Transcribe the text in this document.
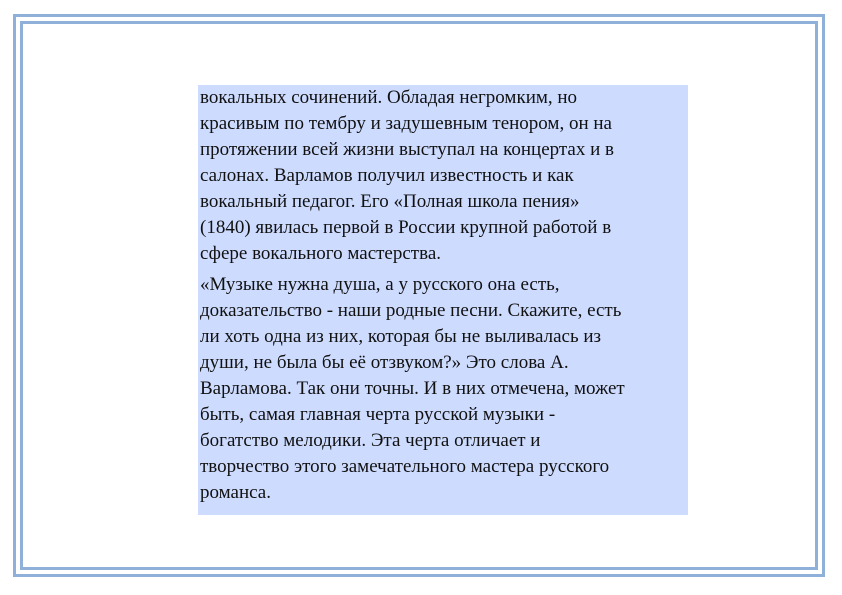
вокальных сочинений. Обладая негромким, но
красивым по тембру и задушевным тенором, он на
протяжении всей жизни выступал на концертах и в
салонах. Варламов получил известность и как
вокальный педагог. Его «Полная школа пения»
(1840) явилась первой в России крупной работой в
сфере вокального мастерства.

«Музыке нужна душа, а у русского она есть,
доказательство - наши родные песни. Скажите, есть
ли хоть одна из них, которая бы не выливалась из
души, не была бы её отзвуком?» Это слова А.
Варламова. Так они точны. И в них отмечена, может
быть, самая главная черта русской музыки -
богатство мелодики. Эта черта отличает и
творчество этого замечательного мастера русского
романса.
